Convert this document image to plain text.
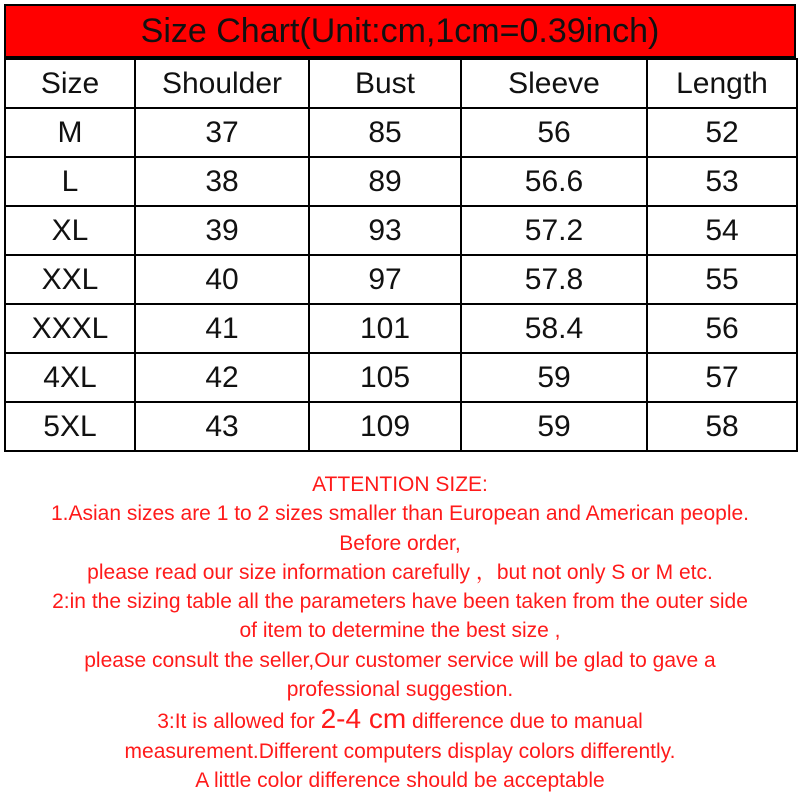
Size Chart(Unit:cm,1cm=0.39inch)
Size	Shoulder	Bust	Sleeve	Length
M	37	85	56	52
L	38	89	56.6	53
XL	39	93	57.2	54
XXL	40	97	57.8	55
XXXL	41	101	58.4	56
4XL	42	105	59	57
5XL	43	109	59	58
ATTENTION SIZE:
1.Asian sizes are 1 to 2 sizes smaller than European and American people.
Before order,
please read our size information carefully ，but not only S or M etc.
2:in the sizing table all the parameters have been taken from the outer side
of item to determine the best size ,
please consult the seller,Our customer service will be glad to gave a
professional suggestion.
3:It is allowed for 2-4 cm difference due to manual
measurement.Different computers display colors differently.
A little color difference should be acceptable
